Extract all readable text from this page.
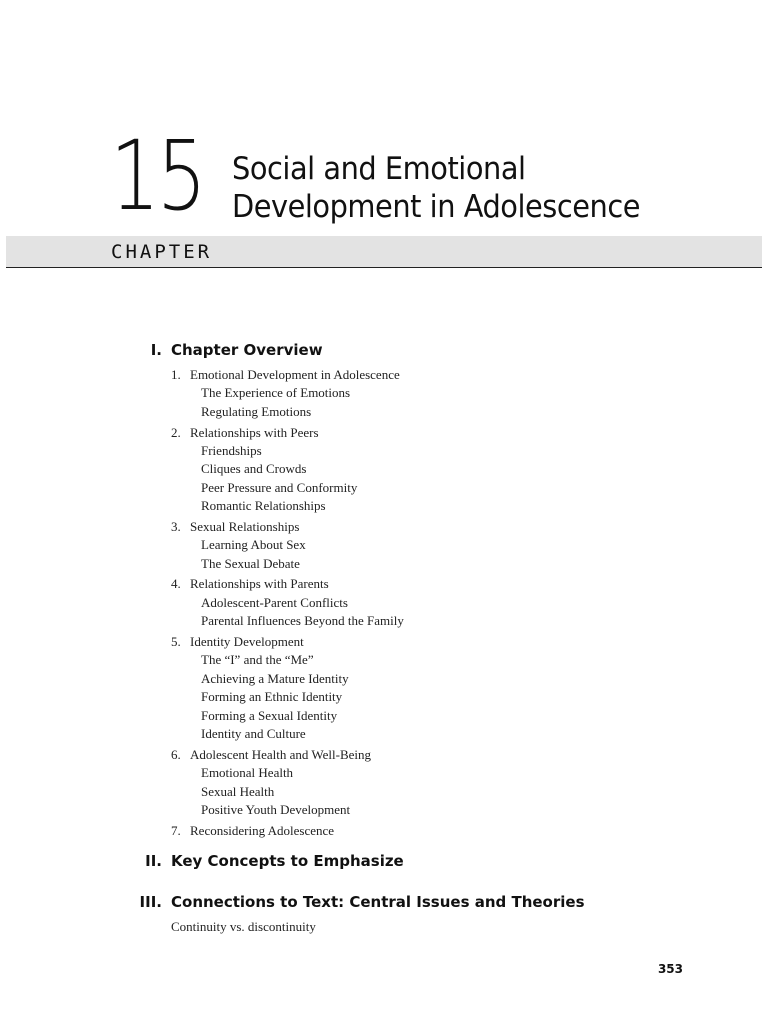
15 Social and Emotional
Development in Adolescence
CHAPTER
I. Chapter Overview
1. Emotional Development in Adolescence
The Experience of Emotions
Regulating Emotions
2. Relationships with Peers
Friendships
Cliques and Crowds
Peer Pressure and Conformity
Romantic Relationships
3. Sexual Relationships
Learning About Sex
The Sexual Debate
4. Relationships with Parents
Adolescent-Parent Conflicts
Parental Influences Beyond the Family
5. Identity Development
The “I” and the “Me”
Achieving a Mature Identity
Forming an Ethnic Identity
Forming a Sexual Identity
Identity and Culture
6. Adolescent Health and Well-Being
Emotional Health
Sexual Health
Positive Youth Development
7. Reconsidering Adolescence
II. Key Concepts to Emphasize
III. Connections to Text: Central Issues and Theories
Continuity vs. discontinuity
353
